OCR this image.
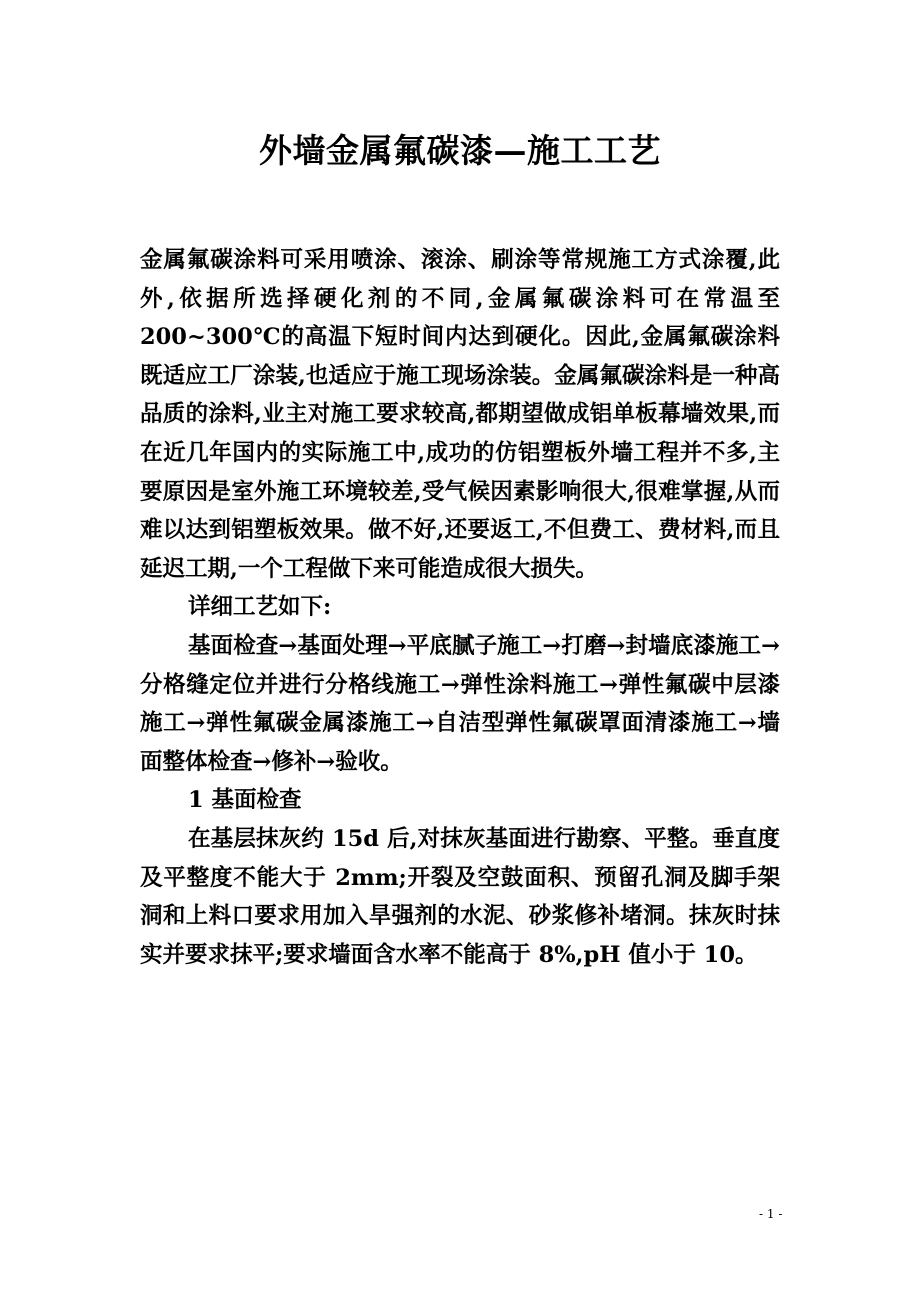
外墙金属氟碳漆—施工工艺

金属氟碳涂料可采用喷涂、滚涂、刷涂等常规施工方式涂覆,此外,依据所选择硬化剂的不同,金属氟碳涂料可在常温至200~300℃的高温下短时间内达到硬化。因此,金属氟碳涂料既适应工厂涂装,也适应于施工现场涂装。金属氟碳涂料是一种高品质的涂料,业主对施工要求较高,都期望做成铝单板幕墙效果,而在近几年国内的实际施工中,成功的仿铝塑板外墙工程并不多,主要原因是室外施工环境较差,受气候因素影响很大,很难掌握,从而难以达到铝塑板效果。做不好,还要返工,不但费工、费材料,而且延迟工期,一个工程做下来可能造成很大损失。

详细工艺如下:

基面检查→基面处理→平底腻子施工→打磨→封墙底漆施工→分格缝定位并进行分格线施工→弹性涂料施工→弹性氟碳中层漆施工→弹性氟碳金属漆施工→自洁型弹性氟碳罩面清漆施工→墙面整体检查→修补→验收。

1 基面检查

在基层抹灰约 15d 后,对抹灰基面进行勘察、平整。垂直度及平整度不能大于 2mm;开裂及空鼓面积、预留孔洞及脚手架洞和上料口要求用加入旱强剂的水泥、砂浆修补堵洞。抹灰时抹实并要求抹平;要求墙面含水率不能高于 8%,pH 值小于 10。

- 1 -
